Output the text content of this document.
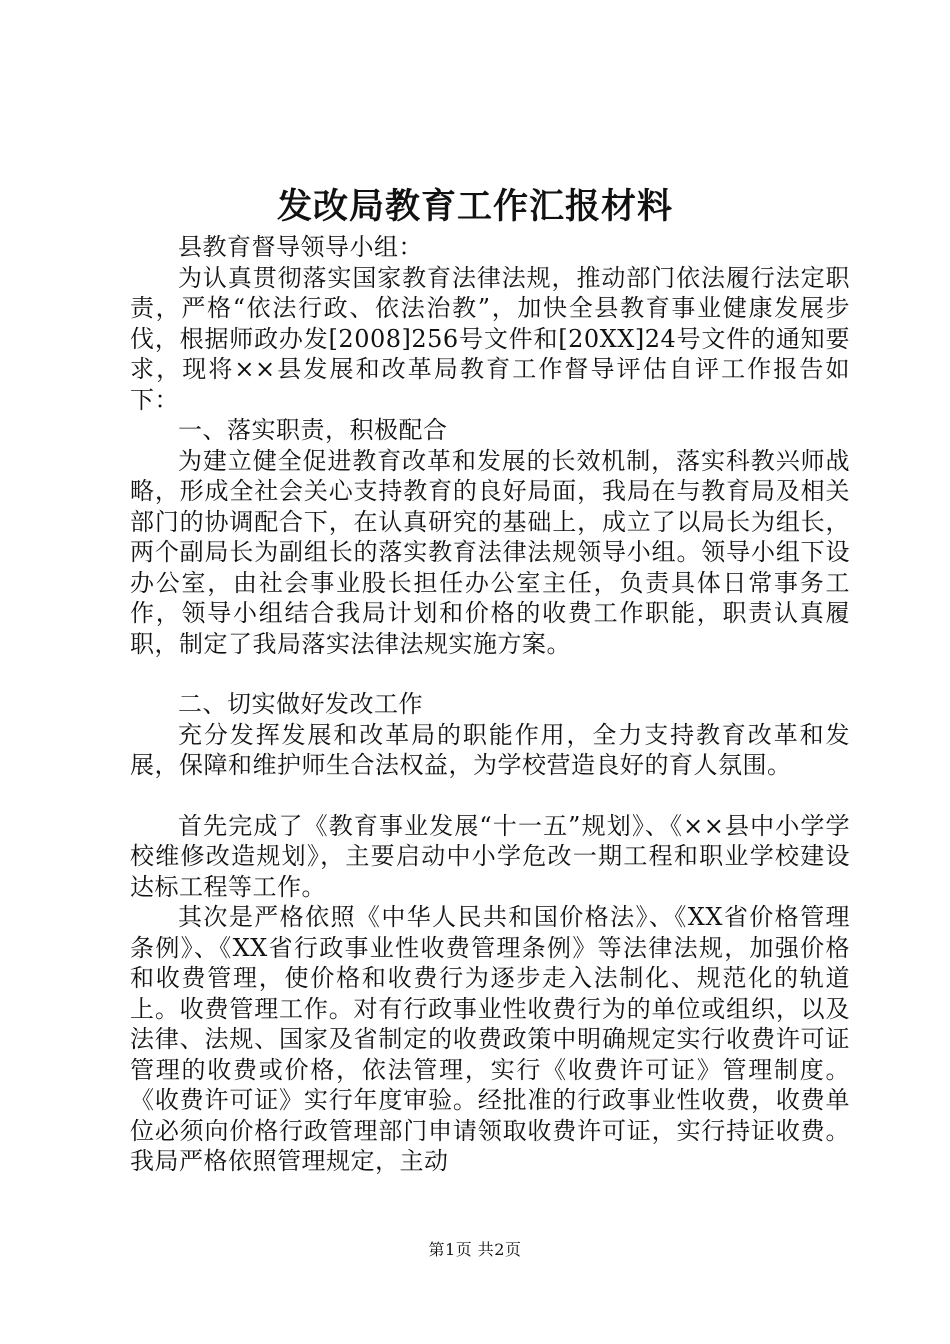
发改局教育工作汇报材料

县教育督导领导小组：

为认真贯彻落实国家教育法律法规，推动部门依法履行法定职责，严格“依法行政、依法治教”，加快全县教育事业健康发展步伐，根据师政办发[2008]256号文件和[20XX]24号文件的通知要求，现将××县发展和改革局教育工作督导评估自评工作报告如下：

一、落实职责，积极配合

为建立健全促进教育改革和发展的长效机制，落实科教兴师战略，形成全社会关心支持教育的良好局面，我局在与教育局及相关部门的协调配合下，在认真研究的基础上，成立了以局长为组长，两个副局长为副组长的落实教育法律法规领导小组。领导小组下设办公室，由社会事业股长担任办公室主任，负责具体日常事务工作，领导小组结合我局计划和价格的收费工作职能，职责认真履职，制定了我局落实法律法规实施方案。

二、切实做好发改工作

充分发挥发展和改革局的职能作用，全力支持教育改革和发展，保障和维护师生合法权益，为学校营造良好的育人氛围。

首先完成了《教育事业发展“十一五”规划》、《××县中小学学校维修改造规划》，主要启动中小学危改一期工程和职业学校建设达标工程等工作。

其次是严格依照《中华人民共和国价格法》、《XX省价格管理条例》、《XX省行政事业性收费管理条例》等法律法规，加强价格和收费管理，使价格和收费行为逐步走入法制化、规范化的轨道上。收费管理工作。对有行政事业性收费行为的单位或组织，以及法律、法规、国家及省制定的收费政策中明确规定实行收费许可证管理的收费或价格，依法管理，实行《收费许可证》管理制度。《收费许可证》实行年度审验。经批准的行政事业性收费，收费单位必须向价格行政管理部门申请领取收费许可证，实行持证收费。我局严格依照管理规定，主动

第1页 共2页
